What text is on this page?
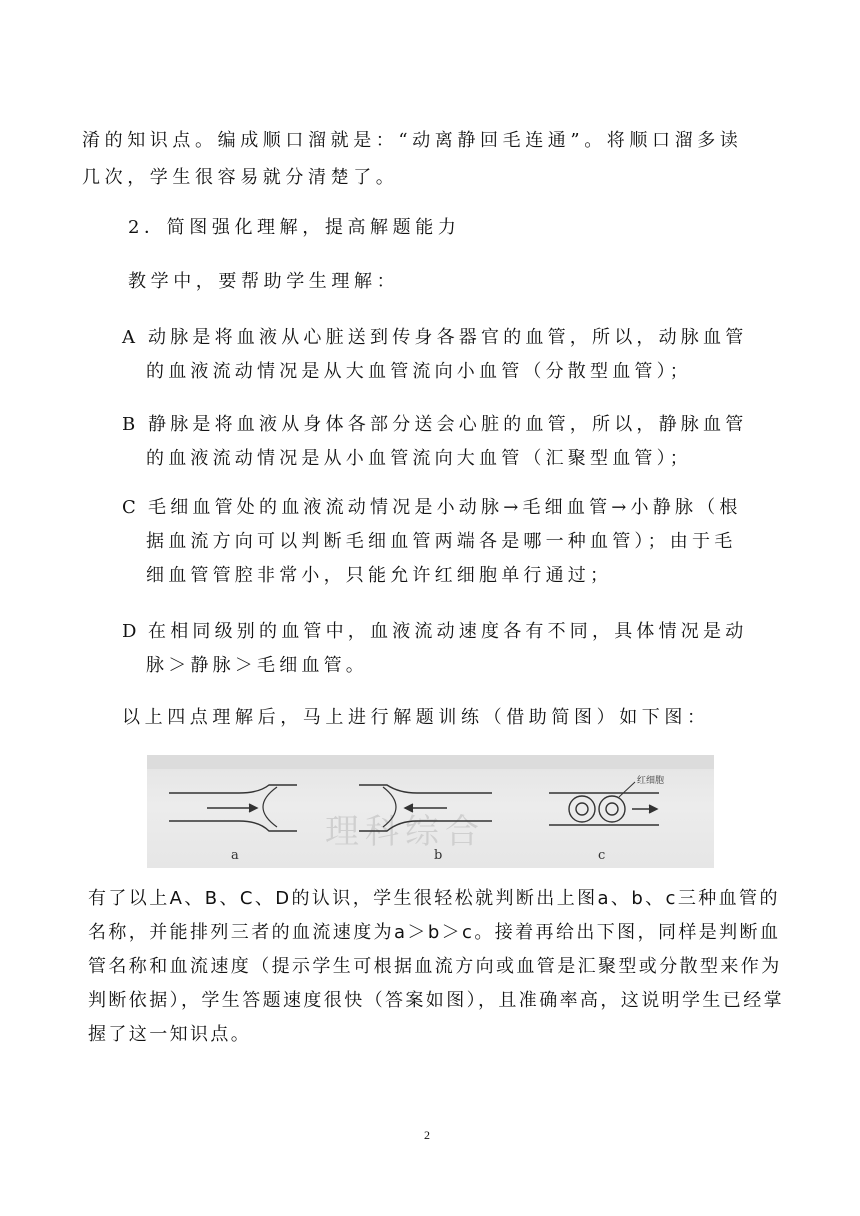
淆的知识点。编成顺口溜就是：“动离静回毛连通”。将顺口溜多读

几次，学生很容易就分清楚了。

2．简图强化理解，提高解题能力

教学中，要帮助学生理解：

A 动脉是将血液从心脏送到传身各器官的血管，所以，动脉血管
的血液流动情况是从大血管流向小血管（分散型血管）；
B 静脉是将血液从身体各部分送会心脏的血管，所以，静脉血管
的血液流动情况是从小血管流向大血管（汇聚型血管）；
C 毛细血管处的血液流动情况是小动脉→毛细血管→小静脉（根
据血流方向可以判断毛细血管两端各是哪一种血管）；由于毛
细血管管腔非常小，只能允许红细胞单行通过；
D 在相同级别的血管中，血液流动速度各有不同，具体情况是动
脉＞静脉＞毛细血管。

以上四点理解后，马上进行解题训练（借助简图）如下图：

理科综合
a	b
红细胞
c
有了以上A、B、C、D的认识，学生很轻松就判断出上图a、b、c三种血管的
名称，并能排列三者的血流速度为a＞b＞c。接着再给出下图，同样是判断血
管名称和血流速度（提示学生可根据血流方向或血管是汇聚型或分散型来作为
判断依据），学生答题速度很快（答案如图），且准确率高，这说明学生已经掌
握了这一知识点。
2
